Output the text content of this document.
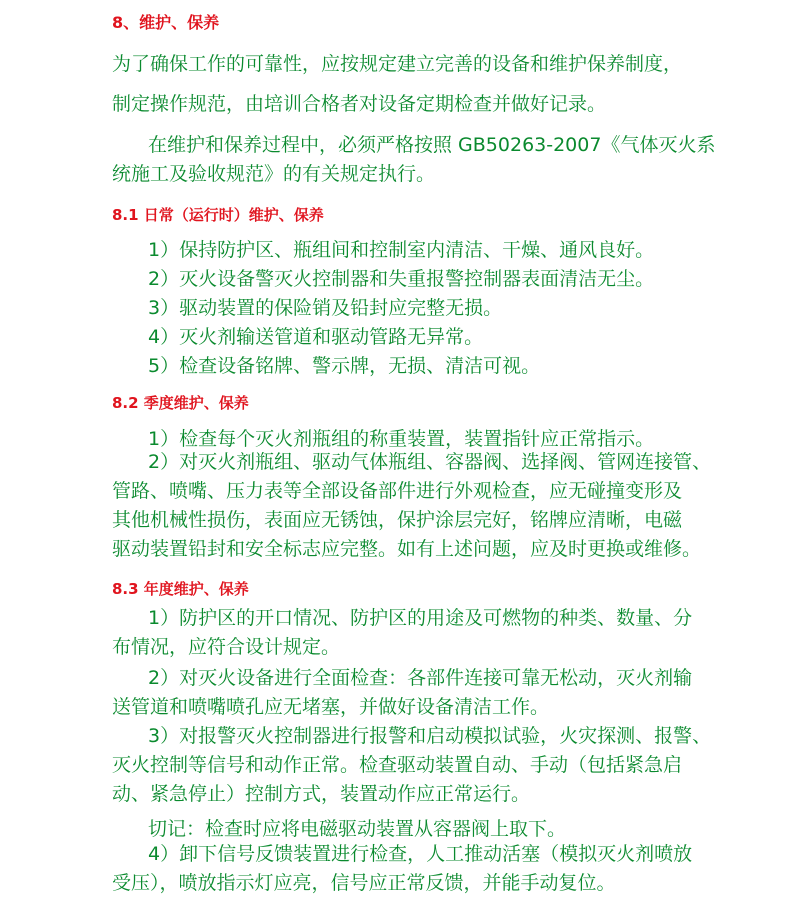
8、维护、保养
为了确保工作的可靠性，应按规定建立完善的设备和维护保养制度，
制定操作规范，由培训合格者对设备定期检查并做好记录。
在维护和保养过程中，必须严格按照 GB50263-2007《气体灭火系
统施工及验收规范》的有关规定执行。
8.1 日常（运行时）维护、保养
1）保持防护区、瓶组间和控制室内清洁、干燥、通风良好。
2）灭火设备警灭火控制器和失重报警控制器表面清洁无尘。
3）驱动装置的保险销及铅封应完整无损。
4）灭火剂输送管道和驱动管路无异常。
5）检查设备铭牌、警示牌，无损、清洁可视。
8.2 季度维护、保养
1）检查每个灭火剂瓶组的称重装置，装置指针应正常指示。
2）对灭火剂瓶组、驱动气体瓶组、容器阀、选择阀、管网连接管、
管路、喷嘴、压力表等全部设备部件进行外观检查，应无碰撞变形及
其他机械性损伤，表面应无锈蚀，保护涂层完好，铭牌应清晰，电磁
驱动装置铅封和安全标志应完整。如有上述问题，应及时更换或维修。
8.3 年度维护、保养
1）防护区的开口情况、防护区的用途及可燃物的种类、数量、分
布情况，应符合设计规定。
2）对灭火设备进行全面检查：各部件连接可靠无松动，灭火剂输
送管道和喷嘴喷孔应无堵塞，并做好设备清洁工作。
3）对报警灭火控制器进行报警和启动模拟试验，火灾探测、报警、
灭火控制等信号和动作正常。检查驱动装置自动、手动（包括紧急启
动、紧急停止）控制方式，装置动作应正常运行。
切记：检查时应将电磁驱动装置从容器阀上取下。
4）卸下信号反馈装置进行检查，人工推动活塞（模拟灭火剂喷放
受压），喷放指示灯应亮，信号应正常反馈，并能手动复位。
